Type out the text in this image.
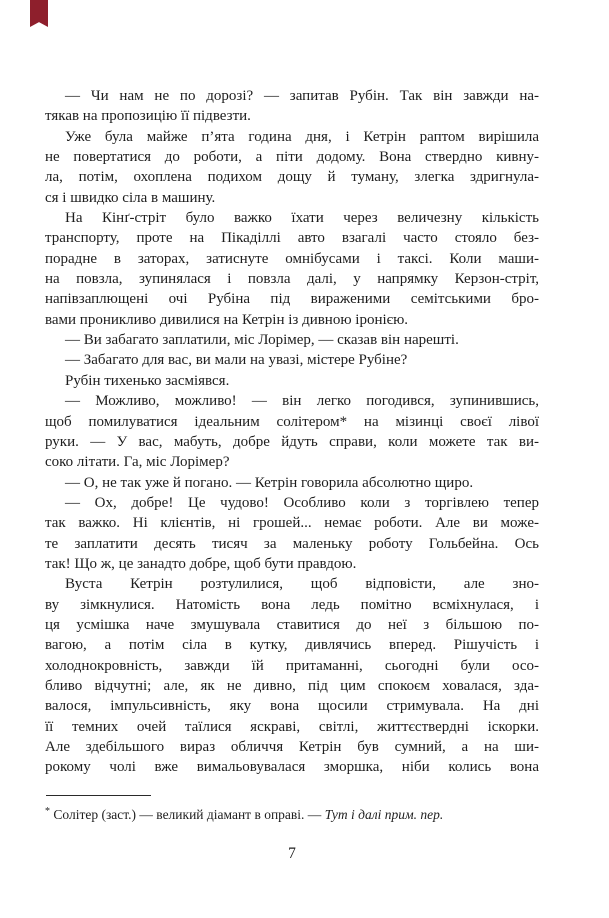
— Чи нам не по дорозі? — запитав Рубін. Так він завжди на-
тякав на пропозицію її підвезти.
Уже була майже п’ята година дня, і Кетрін раптом вирішила
не повертатися до роботи, а піти додому. Вона ствердно кивну-
ла, потім, охоплена подихом дощу й туману, злегка здригнула-
ся і швидко сіла в машину.
На Кінґ-стріт було важко їхати через величезну кількість
транспорту, проте на Пікаділлі авто взагалі часто стояло без-
порадне в заторах, затиснуте омнібусами і таксі. Коли маши-
на повзла, зупинялася і повзла далі, у напрямку Керзон-стріт,
напівзаплющені очі Рубіна під вираженими семітськими бро-
вами проникливо дивилися на Кетрін із дивною іронією.
— Ви забагато заплатили, міс Лорімер, — сказав він нарешті.
— Забагато для вас, ви мали на увазі, містере Рубіне?
Рубін тихенько засміявся.
— Можливо, можливо! — він легко погодився, зупинившись,
щоб помилуватися ідеальним солітером* на мізинці своєї лівої
руки. — У вас, мабуть, добре йдуть справи, коли можете так ви-
соко літати. Га, міс Лорімер?
— О, не так уже й погано. — Кетрін говорила абсолютно щиро.
— Ох, добре! Це чудово! Особливо коли з торгівлею тепер
так важко. Ні клієнтів, ні грошей... немає роботи. Але ви може-
те заплатити десять тисяч за маленьку роботу Гольбейна. Ось
так! Що ж, це занадто добре, щоб бути правдою.
Вуста Кетрін розтулилися, щоб відповісти, але зно-
ву зімкнулися. Натомість вона ледь помітно всміхнулася, і
ця усмішка наче змушувала ставитися до неї з більшою по-
вагою, а потім сіла в кутку, дивлячись вперед. Рішучість і
холоднокровність, завжди їй притаманні, сьогодні були осо-
бливо відчутні; але, як не дивно, під цим спокоєм ховалася, зда-
валося, імпульсивність, яку вона щосили стримувала. На дні
її темних очей таїлися яскраві, світлі, життєствердні іскорки.
Але здебільшого вираз обличчя Кетрін був сумний, а на ши-
рокому чолі вже вимальовувалася зморшка, ніби колись вона
* Солітер (заст.) — великий діамант в оправі. — Тут і далі прим. пер.
7
